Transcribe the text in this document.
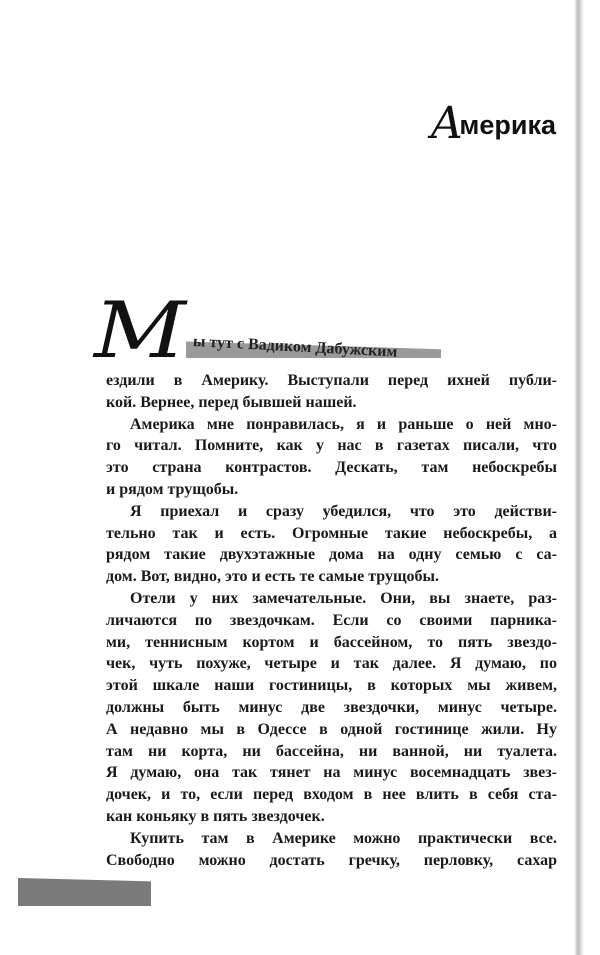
Америка
М ы тут с Вадиком Дабужским
ездили в Америку. Выступали перед ихней публи-
кой. Вернее, перед бывшей нашей.
Америка мне понравилась, я и раньше о ней мно-
го читал. Помните, как у нас в газетах писали, что
это страна контрастов. Дескать, там небоскребы
и рядом трущобы.
Я приехал и сразу убедился, что это действи-
тельно так и есть. Огромные такие небоскребы, а
рядом такие двухэтажные дома на одну семью с са-
дом. Вот, видно, это и есть те самые трущобы.
Отели у них замечательные. Они, вы знаете, раз-
личаются по звездочкам. Если со своими парника-
ми, теннисным кортом и бассейном, то пять звездо-
чек, чуть похуже, четыре и так далее. Я думаю, по
этой шкале наши гостиницы, в которых мы живем,
должны быть минус две звездочки, минус четыре.
А недавно мы в Одессе в одной гостинице жили. Ну
там ни корта, ни бассейна, ни ванной, ни туалета.
Я думаю, она так тянет на минус восемнадцать звез-
дочек, и то, если перед входом в нее влить в себя ста-
кан коньяку в пять звездочек.
Купить там в Америке можно практически все.
Свободно можно достать гречку, перловку, сахар
